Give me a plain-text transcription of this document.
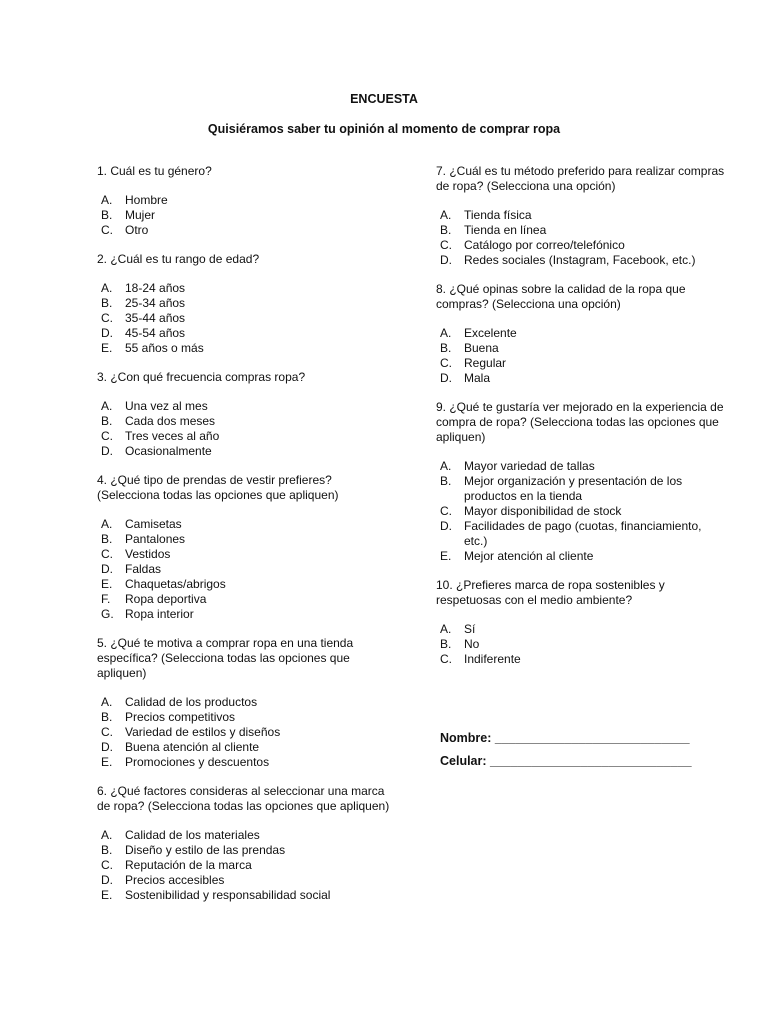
ENCUESTA
Quisiéramos saber tu opinión al momento de comprar ropa
1. Cuál es tu género?
A. Hombre
B. Mujer
C. Otro
2. ¿Cuál es tu rango de edad?
A. 18-24 años
B. 25-34 años
C. 35-44 años
D. 45-54 años
E. 55 años o más
3. ¿Con qué frecuencia compras ropa?
A. Una vez al mes
B. Cada dos meses
C. Tres veces al año
D. Ocasionalmente
4. ¿Qué tipo de prendas de vestir prefieres? (Selecciona todas las opciones que apliquen)
A. Camisetas
B. Pantalones
C. Vestidos
D. Faldas
E. Chaquetas/abrigos
F. Ropa deportiva
G. Ropa interior
5. ¿Qué te motiva a comprar ropa en una tienda específica? (Selecciona todas las opciones que apliquen)
A. Calidad de los productos
B. Precios competitivos
C. Variedad de estilos y diseños
D. Buena atención al cliente
E. Promociones y descuentos
6. ¿Qué factores consideras al seleccionar una marca de ropa? (Selecciona todas las opciones que apliquen)
A. Calidad de los materiales
B. Diseño y estilo de las prendas
C. Reputación de la marca
D. Precios accesibles
E. Sostenibilidad y responsabilidad social
7. ¿Cuál es tu método preferido para realizar compras de ropa? (Selecciona una opción)
A. Tienda física
B. Tienda en línea
C. Catálogo por correo/telefónico
D. Redes sociales (Instagram, Facebook, etc.)
8. ¿Qué opinas sobre la calidad de la ropa que compras? (Selecciona una opción)
A. Excelente
B. Buena
C. Regular
D. Mala
9. ¿Qué te gustaría ver mejorado en la experiencia de compra de ropa? (Selecciona todas las opciones que apliquen)
A. Mayor variedad de tallas
B. Mejor organización y presentación de los productos en la tienda
C. Mayor disponibilidad de stock
D. Facilidades de pago (cuotas, financiamiento, etc.)
E. Mejor atención al cliente
10. ¿Prefieres marca de ropa sostenibles y respetuosas con el medio ambiente?
A. Sí
B. No
C. Indiferente
Nombre: ____________________________
Celular: _____________________________
